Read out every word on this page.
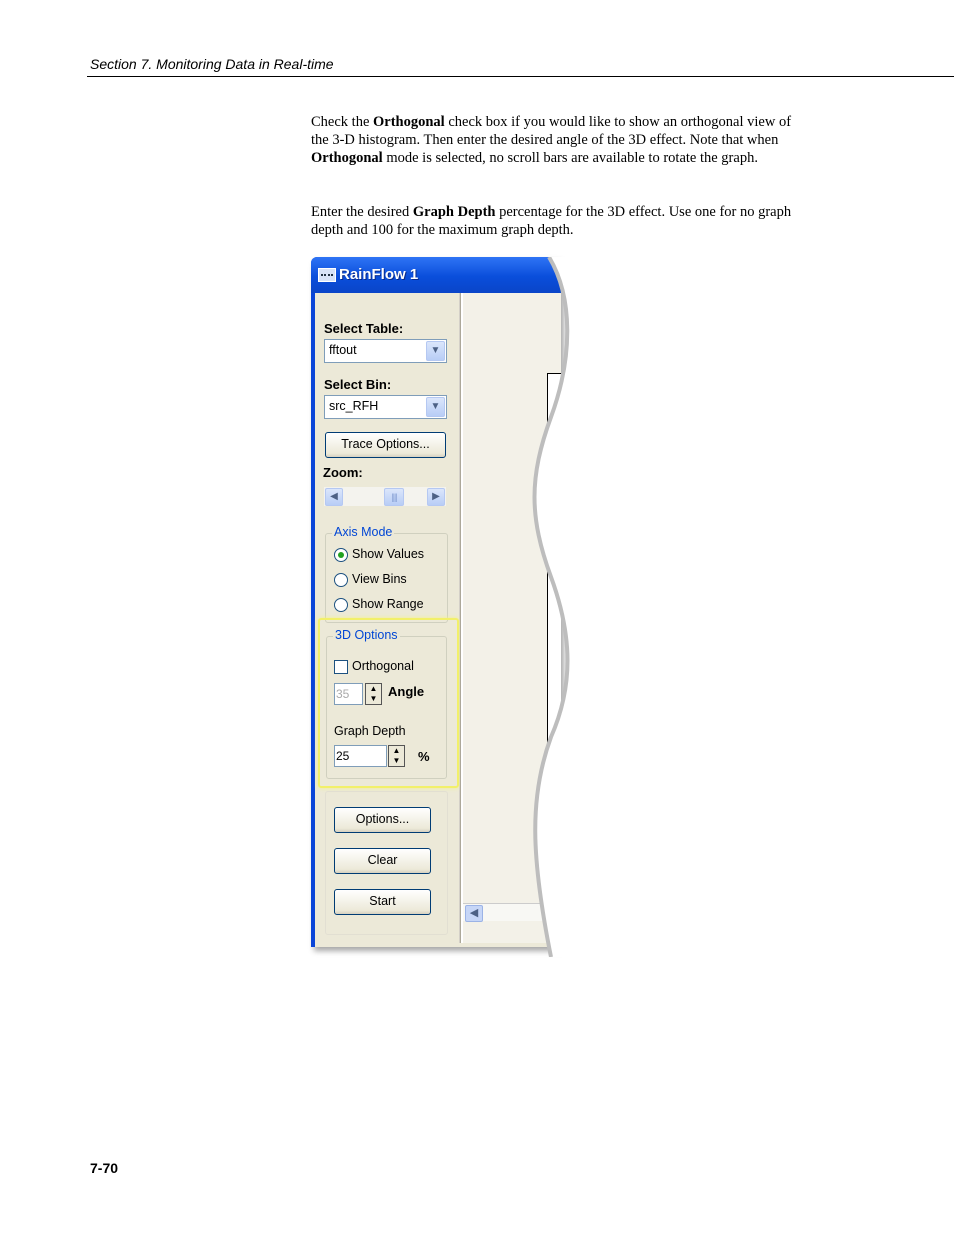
Section 7. Monitoring Data in Real-time
Check the Orthogonal check box if you would like to show an orthogonal view of the 3-D histogram. Then enter the desired angle of the 3D effect. Note that when Orthogonal mode is selected, no scroll bars are available to rotate the graph.
Enter the desired Graph Depth percentage for the 3D effect. Use one for no graph depth and 100 for the maximum graph depth.
RainFlow 1
Select Table:
fftout	▼
Select Bin:
src_RFH	▼
Trace Options...
Zoom:
◀	||||	▶
Axis Mode
Show Values
View Bins
Show Range
3D Options
Orthogonal
35	▲
▼ Angle
Graph Depth
25	▲
▼	%
Options...
Clear
Start
◀
7-70
